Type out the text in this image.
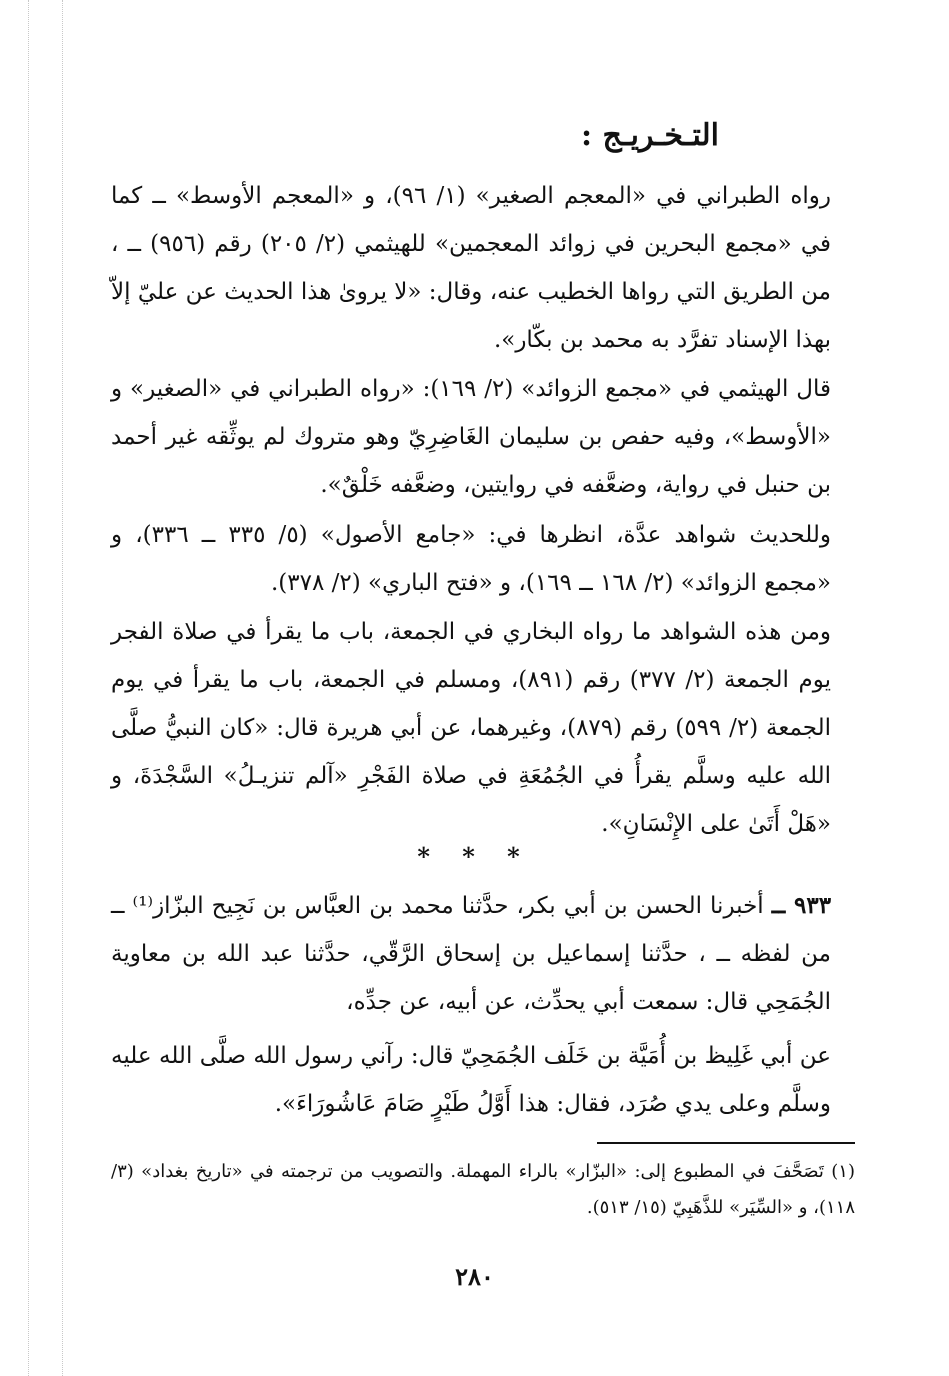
التـخـريـج :

رواه الطبراني في «المعجم الصغير» (١/ ٩٦)، و «المعجم الأوسط» ــ كما في «مجمع البحرين في زوائد المعجمين» للهيثمي (٢/ ٢٠٥) رقم (٩٥٦) ــ ، من الطريق التي رواها الخطيب عنه، وقال: «لا يروىٰ هذا الحديث عن عليّ إلاّ بهذا الإسناد تفرَّد به محمد بن بكّار».

قال الهيثمي في «مجمع الزوائد» (٢/ ١٦٩): «رواه الطبراني في «الصغير» و «الأوسط»، وفيه حفص بن سليمان الغَاضِرِيّ وهو متروك لم يوثِّقه غير أحمد بن حنبل في رواية، وضعَّفه في روايتين، وضعَّفه خَلْقٌ».

وللحديث شواهد عدَّة، انظرها في: «جامع الأصول» (٥/ ٣٣٥ ــ ٣٣٦)، و «مجمع الزوائد» (٢/ ١٦٨ ــ ١٦٩)، و «فتح الباري» (٢/ ٣٧٨).

ومن هذه الشواهد ما رواه البخاري في الجمعة، باب ما يقرأ في صلاة الفجر يوم الجمعة (٢/ ٣٧٧) رقم (٨٩١)، ومسلم في الجمعة، باب ما يقرأ في يوم الجمعة (٢/ ٥٩٩) رقم (٨٧٩)، وغيرهما، عن أبي هريرة قال: «كان النبيُّ صلَّى الله عليه وسلَّم يقرأُ في الجُمُعَةِ في صلاة الفَجْرِ «آلم تنزيـلُ» السَّجْدَةَ، و «هَلْ أَتَىٰ على الإِنْسَانِ».

* * *

٩٣٣ ــ أخبرنا الحسن بن أبي بكر، حدَّثنا محمد بن العبَّاس بن نَجِيح البزّاز⁽¹⁾ ــ من لفظه ــ ، حدَّثنا إسماعيل بن إسحاق الرَّقّي، حدَّثنا عبد الله بن معاوية الجُمَحِي قال: سمعت أبي يحدِّث، عن أبيه، عن جدِّه،

عن أبي غَلِيظ بن أُمَيَّة بن خَلَف الجُمَحِيّ قال: رآني رسول الله صلَّى الله عليه وسلَّم وعلى يدي صُرَد، فقال: هذا أَوَّلُ طَيْرٍ صَامَ عَاشُورَاءَ».

(١) تَصَحَّفَ في المطبوع إلى: «البزّار» بالراء المهملة. والتصويب من ترجمته في «تاريخ بغداد» (٣/ ١١٨)، و «السِّيَر» للذَّهَبِيّ (١٥/ ٥١٣).

٢٨٠
